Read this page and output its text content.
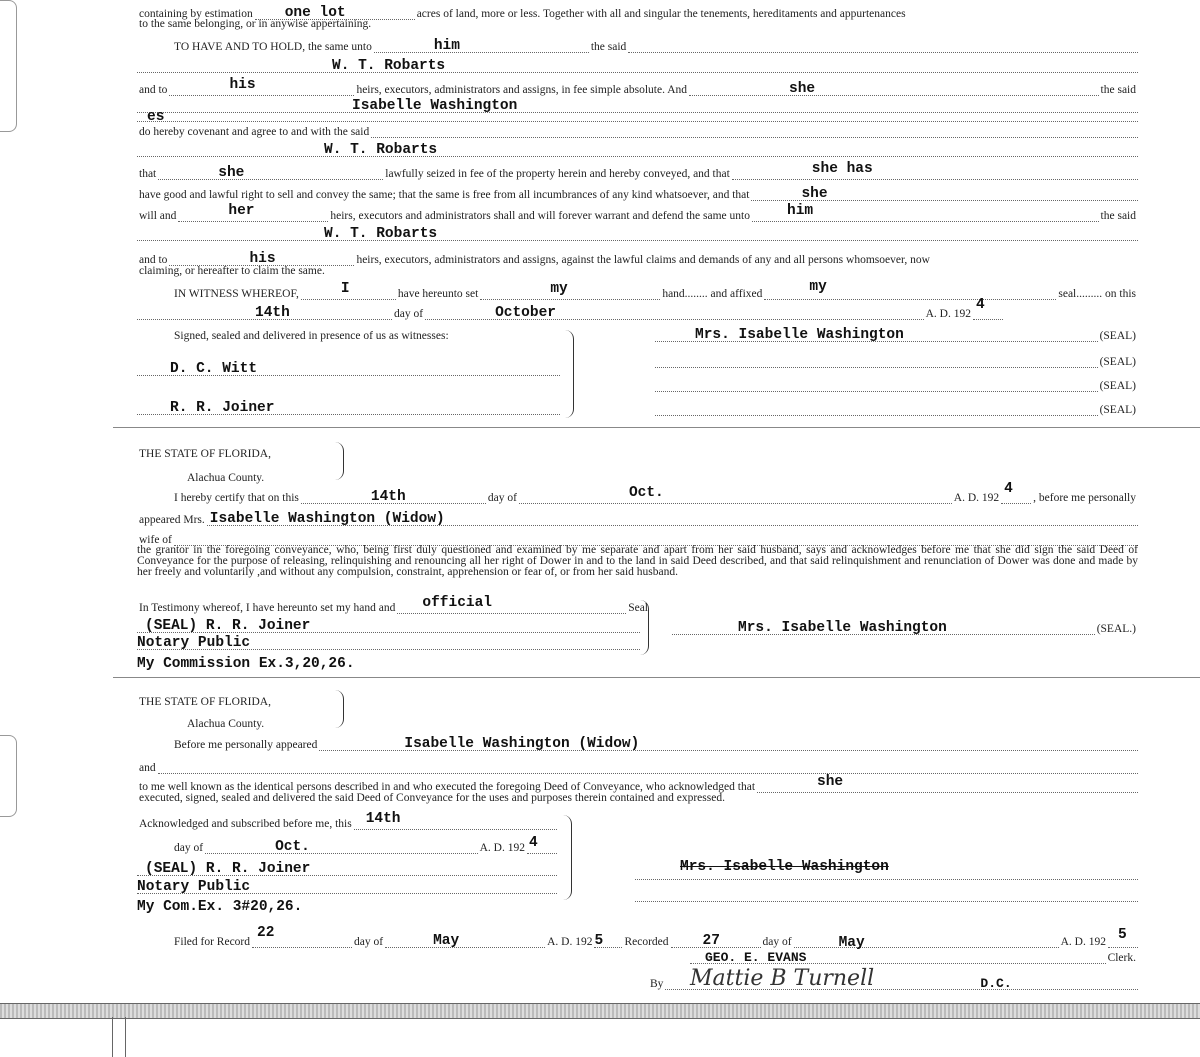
containing by estimation one lot	acres of land, more or less. Together with all and singular the tenements, hereditaments and appurtenances
to the same belonging, or in anywise appertaining.
TO HAVE AND TO HOLD, the same unto	him	the said
W. T. Robarts
and to	his	heirs, executors, administrators and assigns, in fee simple absolute. And	she	the said
Isabelle Washington
es
do hereby covenant and agree to and with the said
W. T. Robarts
that	she	lawfully seized in fee of the property herein and hereby conveyed, and that	she has
have good and lawful right to sell and convey the same; that the same is free from all incumbrances of any kind whatsoever, and that	she
will and	her	heirs, executors and administrators shall and will forever warrant and defend the same unto	him	the said
W. T. Robarts
and to	his	heirs, executors, administrators and assigns, against the lawful claims and demands of any and all persons whomsoever, now
claiming, or hereafter to claim the same.
IN WITNESS WHEREOF,	I	have hereunto set	my	hand........ and affixed	my	seal......... on this
14th	day of	October	A. D. 192
4
Signed, sealed and delivered in presence of us as witnesses:	Mrs. Isabelle Washington	(SEAL)
(SEAL)
(SEAL)
(SEAL)
D. C. Witt
R. R. Joiner
THE STATE OF FLORIDA,
Alachua County.
I hereby certify that on this	14th	day of	Oct.	A. D. 192
4
, before me personally
appeared Mrs. Isabelle Washington (Widow)
wife of
the grantor in the foregoing conveyance, who, being first duly questioned and examined by me separate and apart from her said husband, says and acknowledges before me that she did sign the said Deed of Conveyance for the purpose of releasing, relinquishing and renouncing all her right of Dower in and to the land in said Deed described, and that said relinquishment and renunciation of Dower was done and made by her freely and voluntarily ,and without any compulsion, constraint, apprehension or fear of, or from her said husband.
In Testimony whereof, I have hereunto set my hand and official	Seal
(SEAL) R. R. Joiner
Notary Public
My Commission Ex.3,20,26.
Mrs. Isabelle Washington	(SEAL.)
THE STATE OF FLORIDA,
Alachua County.
Before me personally appeared	Isabelle Washington (Widow)
and
to me well known as the identical persons described in and who executed the foregoing Deed of Conveyance, who acknowledged that	she
executed, signed, sealed and delivered the said Deed of Conveyance for the uses and purposes therein contained and expressed.
Acknowledged and subscribed before me, this 14th
day of	Oct.	A. D. 192 4
(SEAL) R. R. Joiner
Notary Public
My Com.Ex. 3#20,26.
Mrs. Isabelle Washington
Filed for Record
22
day of	May	A. D. 192 5 Recorded 27	day of	May	A. D. 192 5
GEO. E. EVANS	Clerk.
By	D.C.
Mattie B Turnell
